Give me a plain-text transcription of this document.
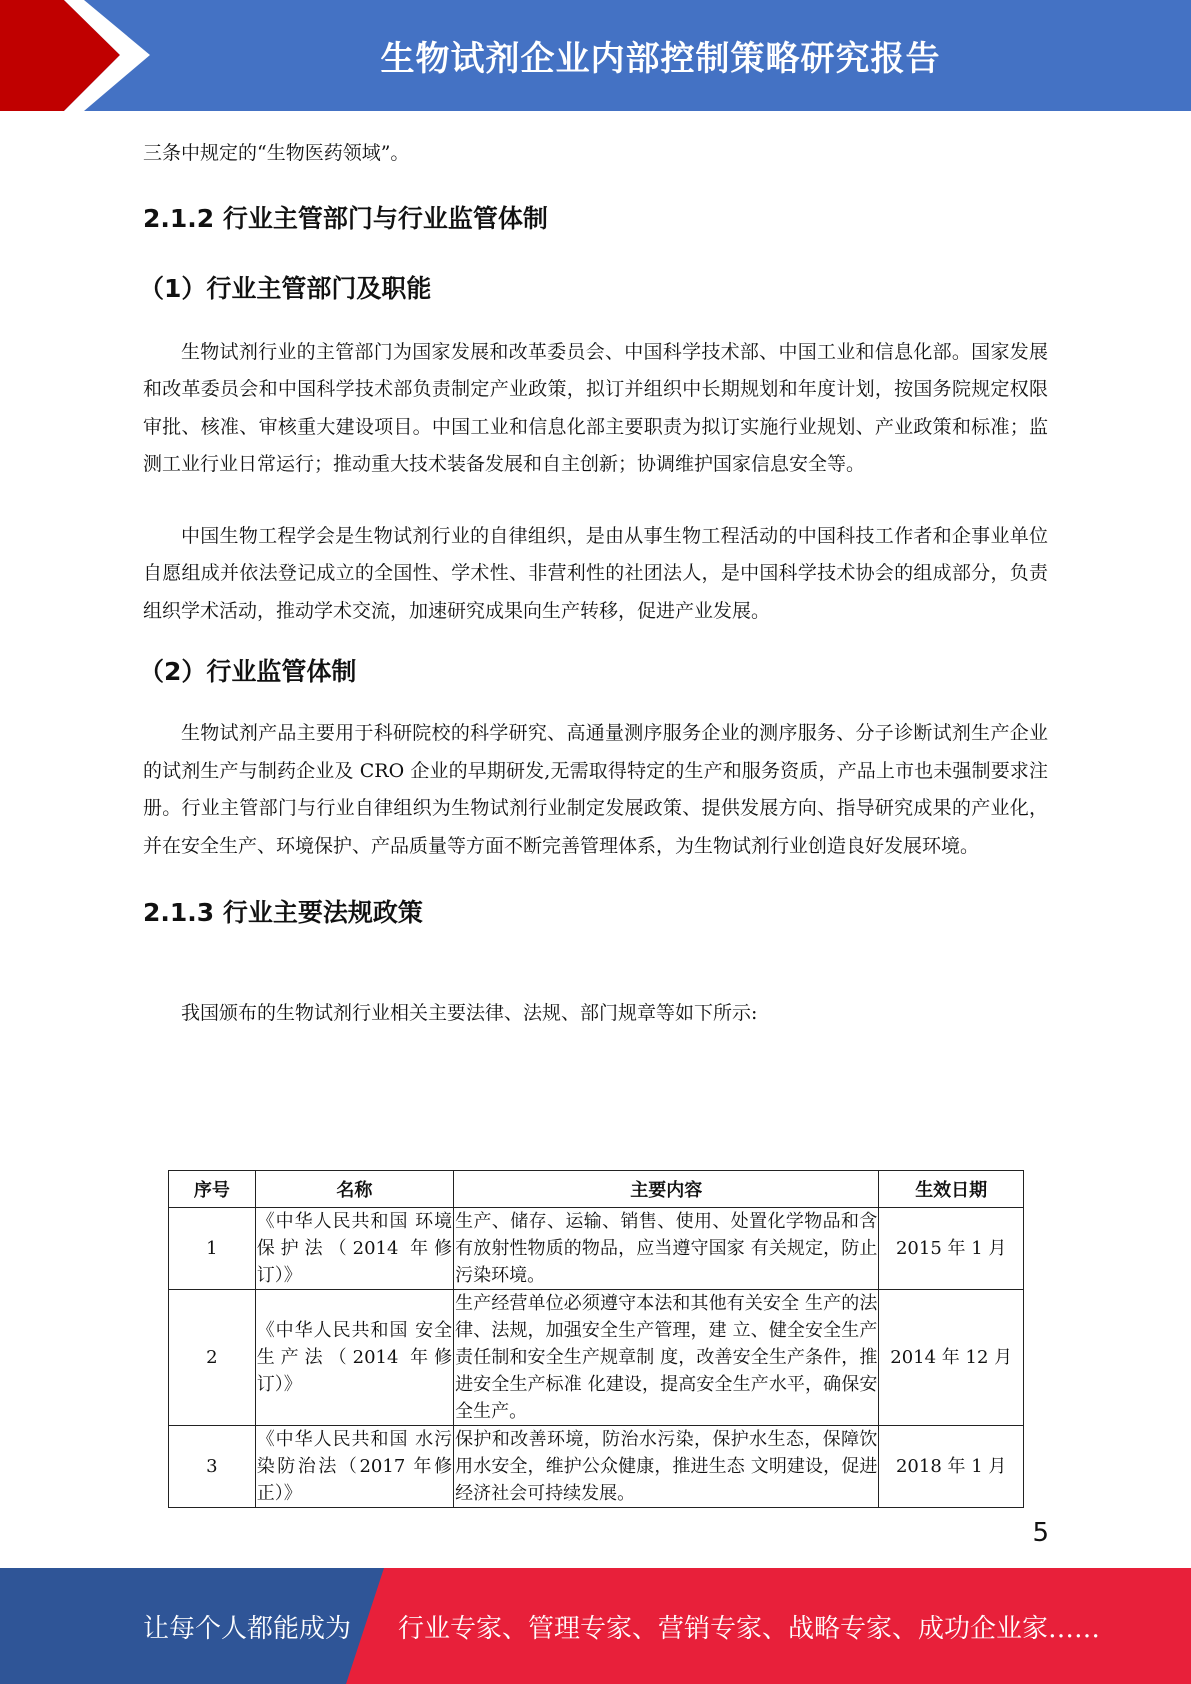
生物试剂企业内部控制策略研究报告

三条中规定的“生物医药领域”。

2.1.2 行业主管部门与行业监管体制
（1）行业主管部门及职能

生物试剂行业的主管部门为国家发展和改革委员会、中国科学技术部、中国工业和信息化部。国家发展和改革委员会和中国科学技术部负责制定产业政策，拟订并组织中长期规划和年度计划，按国务院规定权限审批、核准、审核重大建设项目。中国工业和信息化部主要职责为拟订实施行业规划、产业政策和标准；监测工业行业日常运行；推动重大技术装备发展和自主创新；协调维护国家信息安全等。

中国生物工程学会是生物试剂行业的自律组织，是由从事生物工程活动的中国科技工作者和企事业单位自愿组成并依法登记成立的全国性、学术性、非营利性的社团法人，是中国科学技术协会的组成部分，负责组织学术活动，推动学术交流，加速研究成果向生产转移，促进产业发展。

（2）行业监管体制

生物试剂产品主要用于科研院校的科学研究、高通量测序服务企业的测序服务、分子诊断试剂生产企业的试剂生产与制药企业及 CRO 企业的早期研发,无需取得特定的生产和服务资质，产品上市也未强制要求注册。行业主管部门与行业自律组织为生物试剂行业制定发展政策、提供发展方向、指导研究成果的产业化，并在安全生产、环境保护、产品质量等方面不断完善管理体系，为生物试剂行业创造良好发展环境。

2.1.3 行业主要法规政策

我国颁布的生物试剂行业相关主要法律、法规、部门规章等如下所示:

序号	名称	主要内容	生效日期
1	《中华人民共和国 环境保护法（2014 年修订）》	生产、储存、运输、销售、使用、处置化学物品和含有放射性物质的物品，应当遵守国家 有关规定，防止污染环境。	2015 年 1 月
2	《中华人民共和国 安全生产法（2014 年修订）》	生产经营单位必须遵守本法和其他有关安全 生产的法律、法规，加强安全生产管理，建 立、健全安全生产责任制和安全生产规章制 度，改善安全生产条件，推进安全生产标准 化建设，提高安全生产水平，确保安全生产。	2014 年 12 月
3	《中华人民共和国 水污染防治法（2017 年修正）》	保护和改善环境，防治水污染，保护水生态，保障饮用水安全，维护公众健康，推进生态 文明建设，促进经济社会可持续发展。	2018 年 1 月
5
让每个人都能成为 行业专家、管理专家、营销专家、战略专家、成功企业家……
